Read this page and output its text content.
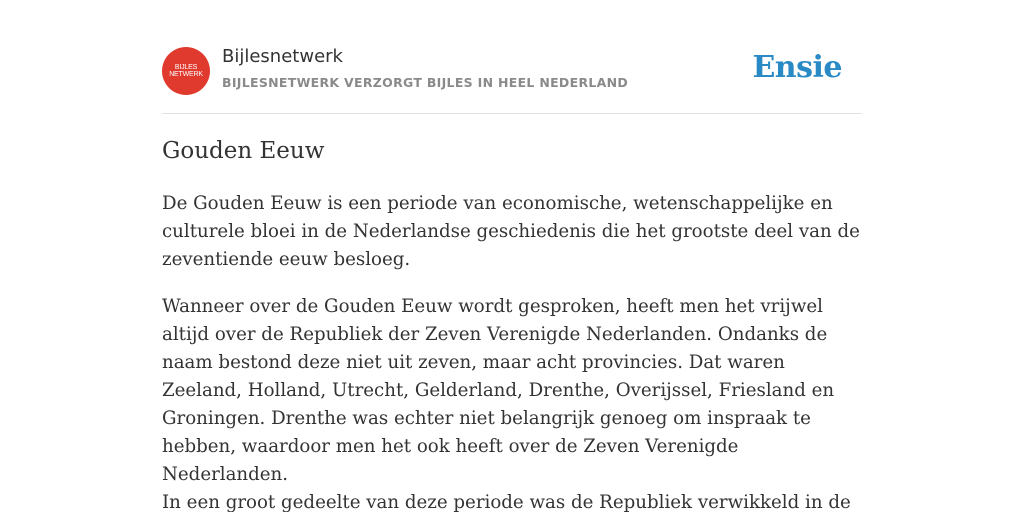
BIJLES
NETWERK
Bijlesnetwerk
BIJLESNETWERK VERZORGT BIJLES IN HEEL NEDERLAND	Ensie
Gouden Eeuw

De Gouden Eeuw is een periode van economische, wetenschappelijke en culturele bloei in de Nederlandse geschiedenis die het grootste deel van de zeventiende eeuw besloeg.

Wanneer over de Gouden Eeuw wordt gesproken, heeft men het vrijwel altijd over de Republiek der Zeven Verenigde Nederlanden. Ondanks de naam bestond deze niet uit zeven, maar acht provincies. Dat waren Zeeland, Holland, Utrecht, Gelderland, Drenthe, Overijssel, Friesland en Groningen. Drenthe was echter niet belangrijk genoeg om inspraak te hebben, waardoor men het ook heeft over de Zeven Verenigde Nederlanden.

In een groot gedeelte van deze periode was de Republiek verwikkeld in de
